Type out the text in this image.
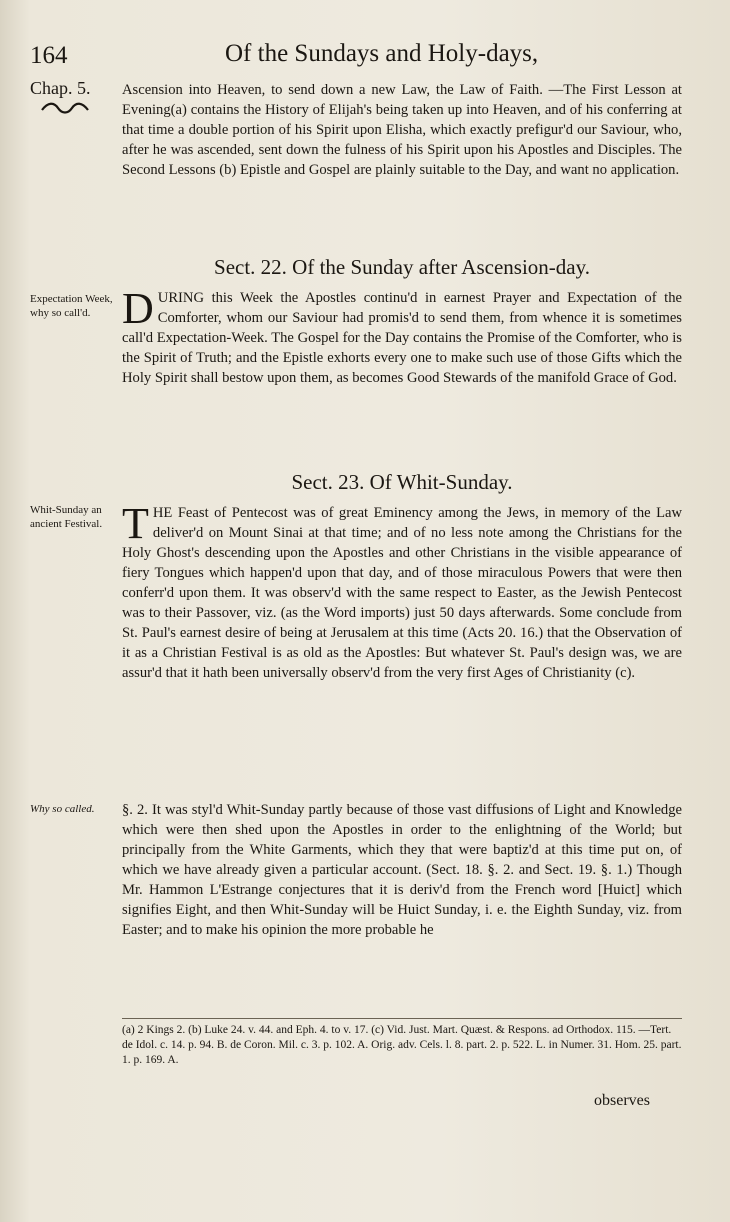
164	Of the Sundays and Holy-days,
Chap. 5. Ascension into Heaven, to send down a new Law, the Law of Faith. —The First Lesson at Evening(a) contains the History of Elijah's being taken up into Heaven, and of his conferring at that time a double portion of his Spirit upon Elisha, which exactly prefigur'd our Saviour, who, after he was ascended, sent down the fulness of his Spirit upon his Apostles and Disciples. The Second Lessons (b) Epistle and Gospel are plainly suitable to the Day, and want no application.
Sect. 22. Of the Sunday after Ascension-day.
Expectation Week, why so call'd. DURING this Week the Apostles continu'd in earnest Prayer and Expectation of the Comforter, whom our Saviour had promis'd to send them, from whence it is sometimes call'd Expectation-Week. The Gospel for the Day contains the Promise of the Comforter, who is the Spirit of Truth; and the Epistle exhorts every one to make such use of those Gifts which the Holy Spirit shall bestow upon them, as becomes Good Stewards of the manifold Grace of God.
Sect. 23. Of Whit-Sunday.
Whit-Sunday an ancient Festival. THE Feast of Pentecost was of great Eminency among the Jews, in memory of the Law deliver'd on Mount Sinai at that time; and of no less note among the Christians for the Holy Ghost's descending upon the Apostles and other Christians in the visible appearance of fiery Tongues which happen'd upon that day, and of those miraculous Powers that were then conferr'd upon them. It was observ'd with the same respect to Easter, as the Jewish Pentecost was to their Passover, viz. (as the Word imports) just 50 days afterwards. Some conclude from St. Paul's earnest desire of being at Jerusalem at this time (Acts 20. 16.) that the Observation of it as a Christian Festival is as old as the Apostles: But whatever St. Paul's design was, we are assur'd that it hath been universally observ'd from the very first Ages of Christianity (c).
Why so called.	§. 2. It was styl'd Whit-Sunday partly because of those vast diffusions of Light and Knowledge which were then shed upon the Apostles in order to the enlightning of the World; but principally from the White Garments, which they that were baptiz'd at this time put on, of which we have already given a particular account. (Sect. 18. §. 2. and Sect. 19. §. 1.) Though Mr. Hammon L'Estrange conjectures that it is deriv'd from the French word [Huict] which signifies Eight, and then Whit-Sunday will be Huict Sunday, i. e. the Eighth Sunday, viz. from Easter; and to make his opinion the more probable he
(a) 2 Kings 2. (b) Luke 24. v. 44. and Eph. 4. to v. 17. (c) Vid. Just. Mart. Quæst. & Respons. ad Orthodox. 115. —Tert. de Idol. c. 14. p. 94. B. de Coron. Mil. c. 3. p. 102. A. Orig. adv. Cels. l. 8. part. 2. p. 522. L. in Numer. 31. Hom. 25. part. 1. p. 169. A.
observes
